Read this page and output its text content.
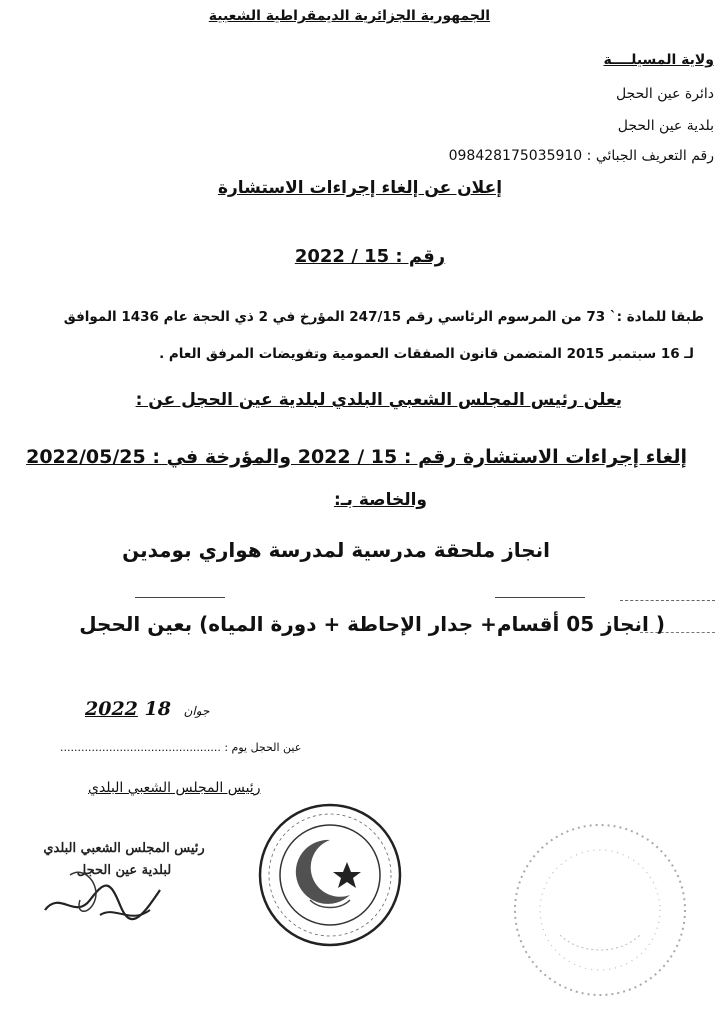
الجمهورية الجزائرية الديمقراطية الشعبية
ولاية المسيلــــة
دائرة عين الحجل
بلدية عين الحجل
رقم التعريف الجبائي : 098428175035910
إعلان عن إلغاء إجراءات الاستشارة
رقم : 15 / 2022
طبقا للمادة :ˋ 73 من المرسوم الرئاسي رقم 247/15 المؤرخ في 2 ذي الحجة عام 1436 الموافق
لـ 16 سبتمبر 2015 المتضمن قانون الصفقات العمومية وتفويضات المرفق العام .
يعلن رئيس المجلس الشعبي البلدي لبلدية عين الحجل عن :
إلغاء إجراءات الاستشارة رقم : 15 / 2022 والمؤرخة في : 2022/05/25
والخاصة بـ:
انجاز ملحقة مدرسية لمدرسة هواري بومدين
( انجاز 05 أقسام+ جدار الإحاطة + دورة المياه) بعين الحجل
2022	جوان 18
عين الحجل يوم : ..............................................
رئيس المجلس الشعبي البلدي
رئيس المجلس الشعبي البلدي
لبلدية عين الحجل
